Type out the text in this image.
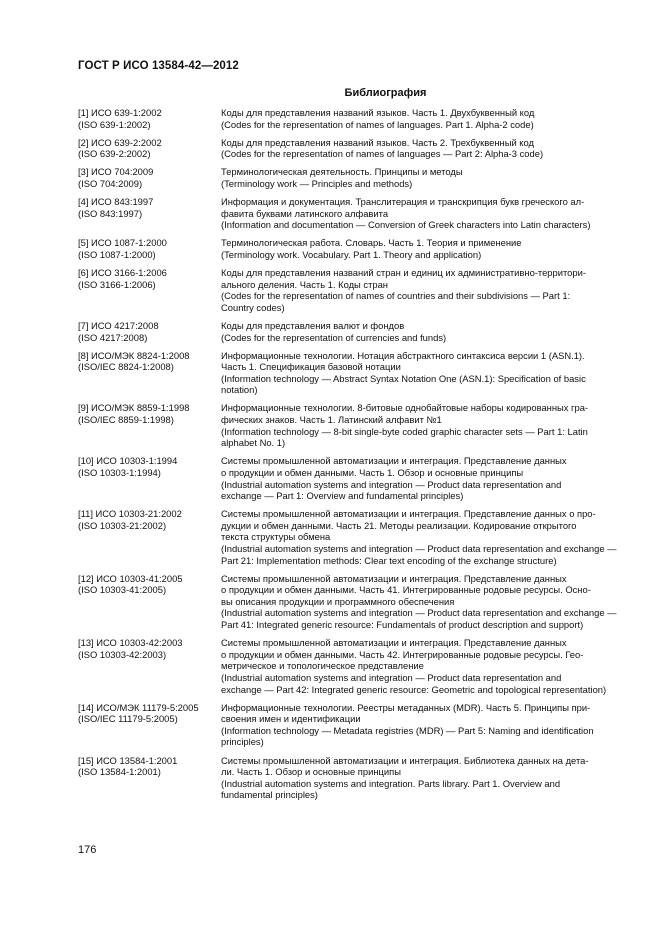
ГОСТ Р ИСО 13584-42—2012
Библиография
[1] ИСО 639-1:2002
(ISO 639-1:2002)
Коды для представления названий языков. Часть 1. Двухбуквенный код
(Codes for the representation of names of languages. Part 1. Alpha-2 code)
[2] ИСО 639-2:2002
(ISO 639-2:2002)
Коды для представления названий языков. Часть 2. Трехбуквенный код
(Codes for the representation of names of languages — Part 2: Alpha-3 code)
[3] ИСО 704:2009
(ISO 704:2009)
Терминологическая деятельность. Принципы и методы
(Terminology work — Principles and methods)
[4] ИСО 843:1997
(ISO 843:1997)
Информация и документация. Транслитерация и транскрипция букв греческого ал-
фавита буквами латинского алфавита
(Information and documentation — Conversion of Greek characters into Latin characters)
[5] ИСО 1087-1:2000
(ISO 1087-1:2000)
Терминологическая работа. Словарь. Часть 1. Теория и применение
(Terminology work. Vocabulary. Part 1. Theory and application)
[6] ИСО 3166-1:2006
(ISO 3166-1:2006)
Коды для представления названий стран и единиц их административно-территори-
ального деления. Часть 1. Коды стран
(Codes for the representation of names of countries and their subdivisions — Part 1:
Country codes)
[7] ИСО 4217:2008
(ISO 4217:2008)
Коды для представления валют и фондов
(Codes for the representation of currencies and funds)
[8] ИСО/МЭК 8824-1:2008
(ISO/IEC 8824-1:2008)
Информационные технологии. Нотация абстрактного синтаксиса версии 1 (ASN.1).
Часть 1. Спецификация базовой нотации
(Information technology — Abstract Syntax Notation One (ASN.1): Specification of basic
notation)
[9] ИСО/МЭК 8859-1:1998
(ISO/IEC 8859-1:1998)
Информационные технологии. 8-битовые однобайтовые наборы кодированных гра-
фических знаков. Часть 1. Латинский алфавит №1
(Information technology — 8-bit single-byte coded graphic character sets — Part 1: Latin
alphabet No. 1)
[10] ИСО 10303-1:1994
(ISO 10303-1:1994)
Системы промышленной автоматизации и интеграция. Представление данных
о продукции и обмен данными. Часть 1. Обзор и основные принципы
(Industrial automation systems and integration — Product data representation and
exchange — Part 1: Overview and fundamental principles)
[11] ИСО 10303-21:2002
(ISO 10303-21:2002)
Системы промышленной автоматизации и интеграция. Представление данных о про-
дукции и обмен данными. Часть 21. Методы реализации. Кодирование открытого
текста структуры обмена
(Industrial automation systems and integration — Product data representation and exchange —
Part 21: Implementation methods: Clear text encoding of the exchange structure)
[12] ИСО 10303-41:2005
(ISO 10303-41:2005)
Системы промышленной автоматизации и интеграция. Представление данных
о продукции и обмен данными. Часть 41. Интегрированные родовые ресурсы. Осно-
вы описания продукции и программного обеспечения
(Industrial automation systems and integration — Product data representation and exchange —
Part 41: Integrated generic resource: Fundamentals of product description and support)
[13] ИСО 10303-42:2003
(ISO 10303-42:2003)
Системы промышленной автоматизации и интеграция. Представление данных
о продукции и обмен данными. Часть 42. Интегрированные родовые ресурсы. Гео-
метрическое и топологическое представление
(Industrial automation systems and integration — Product data representation and
exchange — Part 42: Integrated generic resource: Geometric and topological representation)
[14] ИСО/МЭК 11179-5:2005
(ISO/IEC 11179-5:2005)
Информационные технологии. Реестры метаданных (MDR). Часть 5. Принципы при-
своения имен и идентификации
(Information technology — Metadata registries (MDR) — Part 5: Naming and identification
principles)
[15] ИСО 13584-1:2001
(ISO 13584-1:2001)
Системы промышленной автоматизации и интеграция. Библиотека данных на дета-
ли. Часть 1. Обзор и основные принципы
(Industrial automation systems and integration. Parts library. Part 1. Overview and
fundamental principles)
176
